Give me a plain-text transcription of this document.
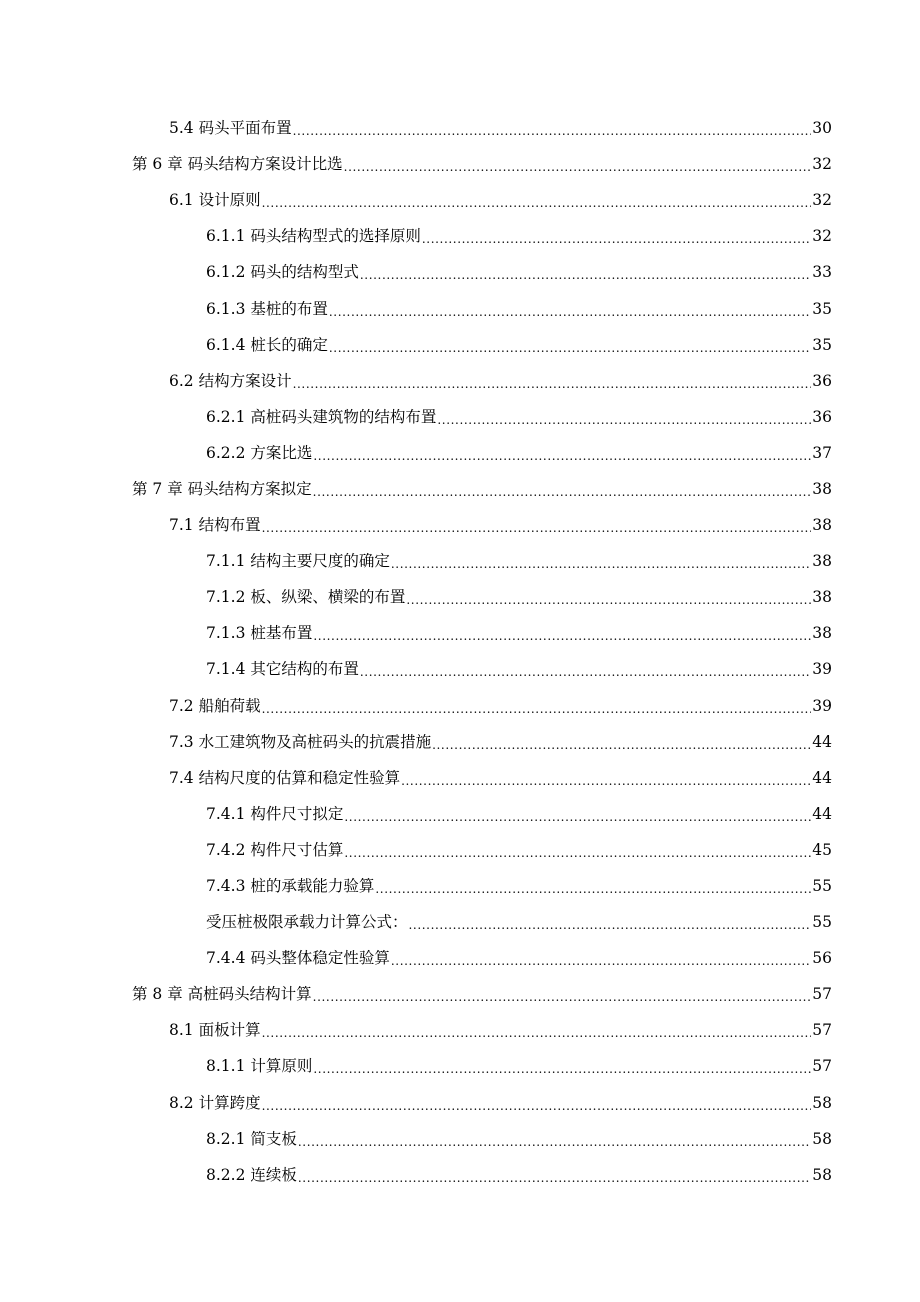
5.4 码头平面布置 .....	30
第 6 章 码头结构方案设计比选 .....	32
6.1 设计原则 .....	32
6.1.1 码头结构型式的选择原则 .....	32
6.1.2 码头的结构型式 .....	33
6.1.3 基桩的布置 .....	35
6.1.4 桩长的确定 .....	35
6.2 结构方案设计 .....	36
6.2.1 高桩码头建筑物的结构布置 .....	36
6.2.2 方案比选 .....	37
第 7 章 码头结构方案拟定 .....	38
7.1 结构布置 .....	38
7.1.1 结构主要尺度的确定 .....	38
7.1.2 板、纵梁、横梁的布置 .....	38
7.1.3 桩基布置 .....	38
7.1.4 其它结构的布置 .....	39
7.2 船舶荷载 .....	39
7.3 水工建筑物及高桩码头的抗震措施 .....	44
7.4 结构尺度的估算和稳定性验算 .....	44
7.4.1 构件尺寸拟定 .....	44
7.4.2 构件尺寸估算 .....	45
7.4.3 桩的承载能力验算 .....	55
受压桩极限承载力计算公式： .....	55
7.4.4 码头整体稳定性验算 .....	56
第 8 章 高桩码头结构计算 .....	57
8.1 面板计算 .....	57
8.1.1 计算原则 .....	57
8.2 计算跨度 .....	58
8.2.1 简支板 .....	58
8.2.2 连续板 .....	58
